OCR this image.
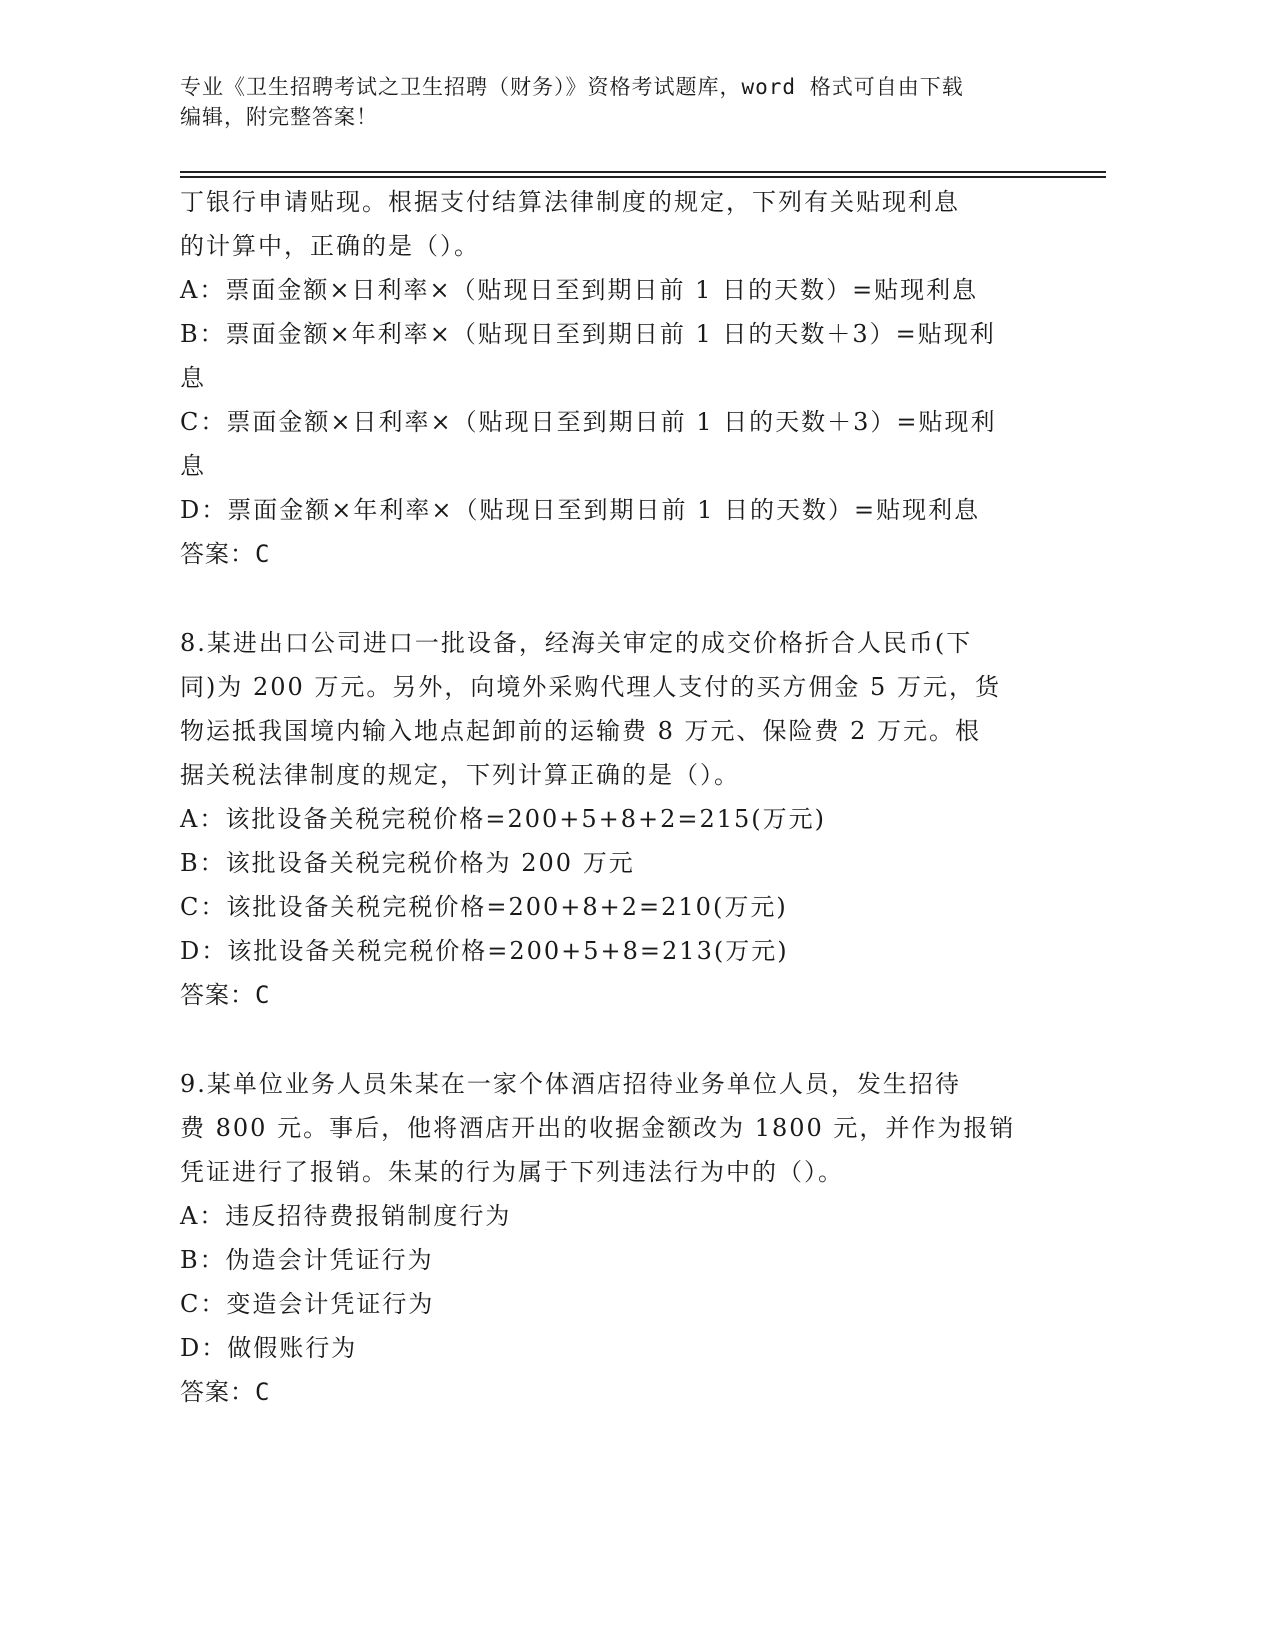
专业《卫生招聘考试之卫生招聘（财务）》资格考试题库，word 格式可自由下载
编辑，附完整答案！
丁银行申请贴现。根据支付结算法律制度的规定，下列有关贴现利息
的计算中，正确的是（）。
A：票面金额×日利率×（贴现日至到期日前 1 日的天数）=贴现利息
B：票面金额×年利率×（贴现日至到期日前 1 日的天数＋3）=贴现利
息
C：票面金额×日利率×（贴现日至到期日前 1 日的天数＋3）=贴现利
息
D：票面金额×年利率×（贴现日至到期日前 1 日的天数）=贴现利息
答案：C
8.某进出口公司进口一批设备，经海关审定的成交价格折合人民币(下
同)为 200 万元。另外，向境外采购代理人支付的买方佣金 5 万元，货
物运抵我国境内输入地点起卸前的运输费 8 万元、保险费 2 万元。根
据关税法律制度的规定，下列计算正确的是（）。
A：该批设备关税完税价格=200+5+8+2=215(万元)
B：该批设备关税完税价格为 200 万元
C：该批设备关税完税价格=200+8+2=210(万元)
D：该批设备关税完税价格=200+5+8=213(万元)
答案：C
9.某单位业务人员朱某在一家个体酒店招待业务单位人员，发生招待
费 800 元。事后，他将酒店开出的收据金额改为 1800 元，并作为报销
凭证进行了报销。朱某的行为属于下列违法行为中的（）。
A：违反招待费报销制度行为
B：伪造会计凭证行为
C：变造会计凭证行为
D：做假账行为
答案：C
